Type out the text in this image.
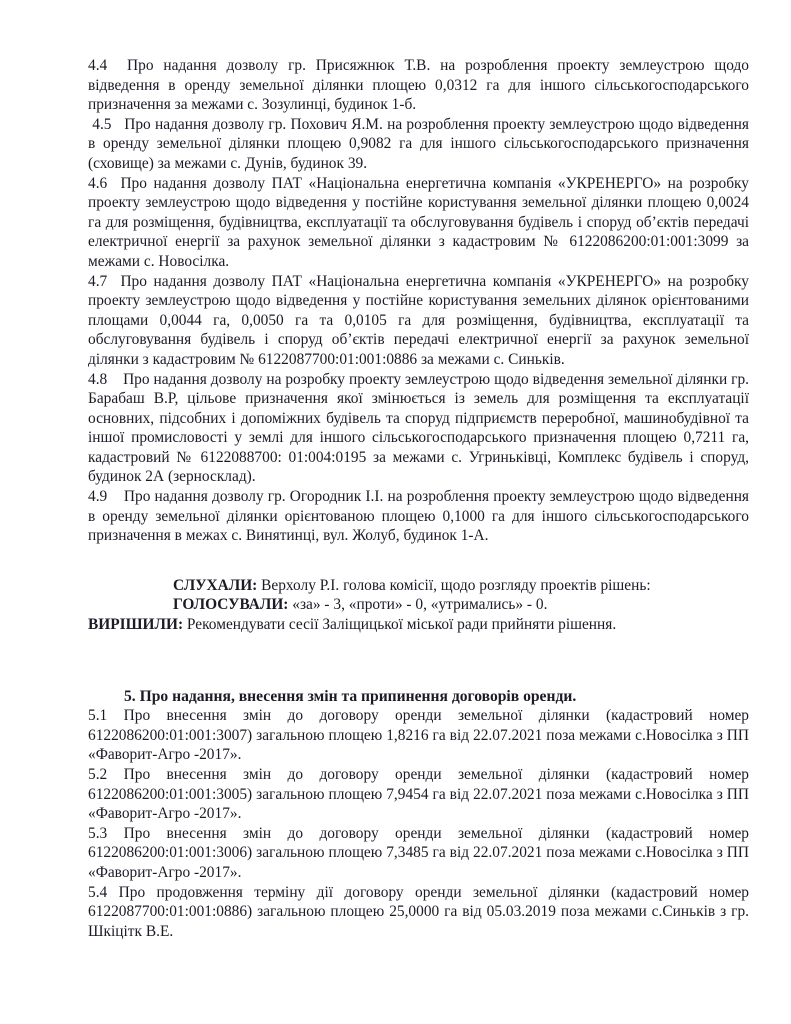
4.4 Про надання дозволу гр. Присяжнюк Т.В. на розроблення проекту землеустрою щодо відведення в оренду земельної ділянки площею 0,0312 га для іншого сільськогосподарського призначення за межами с. Зозулинці, будинок 1-б.

4.5 Про надання дозволу гр. Похович Я.М. на розроблення проекту землеустрою щодо відведення в оренду земельної ділянки площею 0,9082 га для іншого сільськогосподарського призначення (сховище) за межами с. Дунів, будинок 39.

4.6 Про надання дозволу ПАТ «Національна енергетична компанія «УКРЕНЕРГО» на розробку проекту землеустрою щодо відведення у постійне користування земельної ділянки площею 0,0024 га для розміщення, будівництва, експлуатації та обслуговування будівель і споруд об’єктів передачі електричної енергії за рахунок земельної ділянки з кадастровим № 6122086200:01:001:3099 за межами с. Новосілка.

4.7 Про надання дозволу ПАТ «Національна енергетична компанія «УКРЕНЕРГО» на розробку проекту землеустрою щодо відведення у постійне користування земельних ділянок орієнтованими площами 0,0044 га, 0,0050 га та 0,0105 га для розміщення, будівництва, експлуатації та обслуговування будівель і споруд об’єктів передачі електричної енергії за рахунок земельної ділянки з кадастровим № 6122087700:01:001:0886 за межами с. Синьків.

4.8 Про надання дозволу на розробку проекту землеустрою щодо відведення земельної ділянки гр. Барабаш В.Р, цільове призначення якої змінюється із земель для розміщення та експлуатації основних, підсобних і допоміжних будівель та споруд підприємств переробної, машинобудівної та іншої промисловості у землі для іншого сільськогосподарського призначення площею 0,7211 га, кадастровий № 6122088700: 01:004:0195 за межами с. Угриньківці, Комплекс будівель і споруд, будинок 2А (зерносклад).

4.9 Про надання дозволу гр. Огородник І.І. на розроблення проекту землеустрою щодо відведення в оренду земельної ділянки орієнтованою площею 0,1000 га для іншого сільськогосподарського призначення в межах с. Винятинці, вул. Жолуб, будинок 1-А.

СЛУХАЛИ: Верхолу Р.І. голова комісії, щодо розгляду проектів рішень:

ГОЛОСУВАЛИ: «за» - 3, «проти» - 0, «утримались» - 0.

ВИРІШИЛИ: Рекомендувати сесії Заліщицької міської ради прийняти рішення.

5. Про надання, внесення змін та припинення договорів оренди.

5.1 Про внесення змін до договору оренди земельної ділянки (кадастровий номер 6122086200:01:001:3007) загальною площею 1,8216 га від 22.07.2021 поза межами с.Новосілка з ПП «Фаворит-Агро -2017».

5.2 Про внесення змін до договору оренди земельної ділянки (кадастровий номер 6122086200:01:001:3005) загальною площею 7,9454 га від 22.07.2021 поза межами с.Новосілка з ПП «Фаворит-Агро -2017».

5.3 Про внесення змін до договору оренди земельної ділянки (кадастровий номер 6122086200:01:001:3006) загальною площею 7,3485 га від 22.07.2021 поза межами с.Новосілка з ПП «Фаворит-Агро -2017».

5.4 Про продовження терміну дії договору оренди земельної ділянки (кадастровий номер 6122087700:01:001:0886) загальною площею 25,0000 га від 05.03.2019 поза межами с.Синьків з гр. Шкіцітк В.Е.
